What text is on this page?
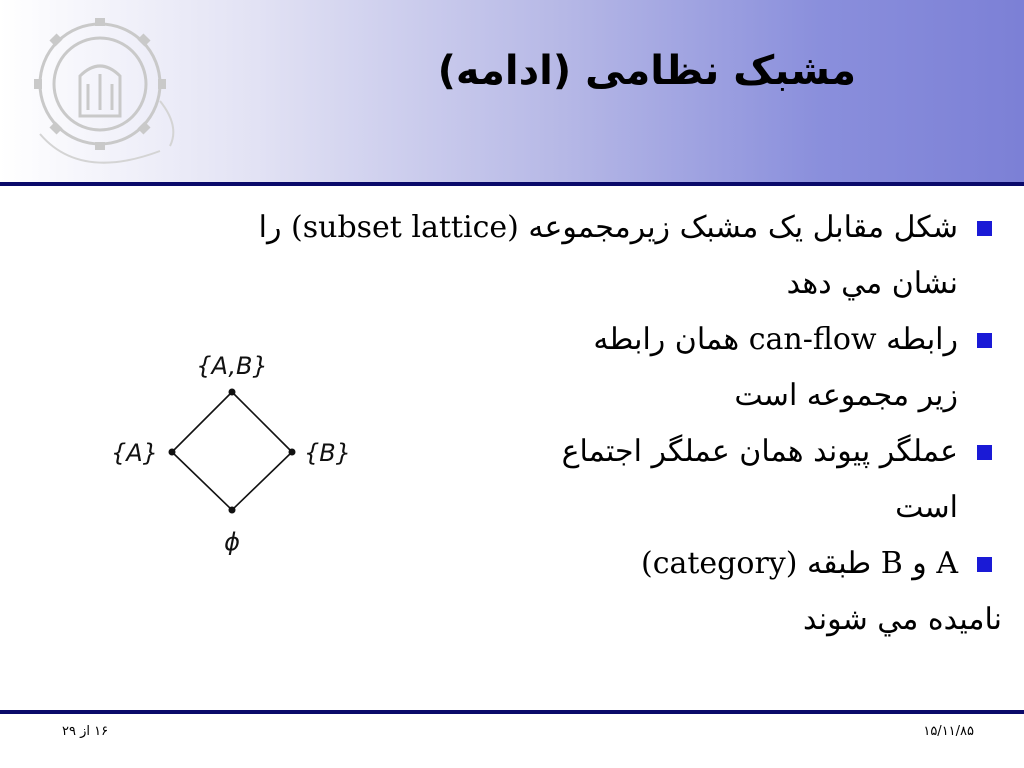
مشبک نظامی (ادامه)
{A,B}
{A}	{B}
ϕ
شکل مقابل یک مشبک زیرمجموعه (subset lattice) را
نشان مي دهد
رابطه can-flow همان رابطه
زير مجموعه است
عملگر پيوند همان عملگر اجتماع
است
A و B طبقه (category)
ناميده مي شوند
۱۶ از ۲۹	۱۵/۱۱/۸۵
